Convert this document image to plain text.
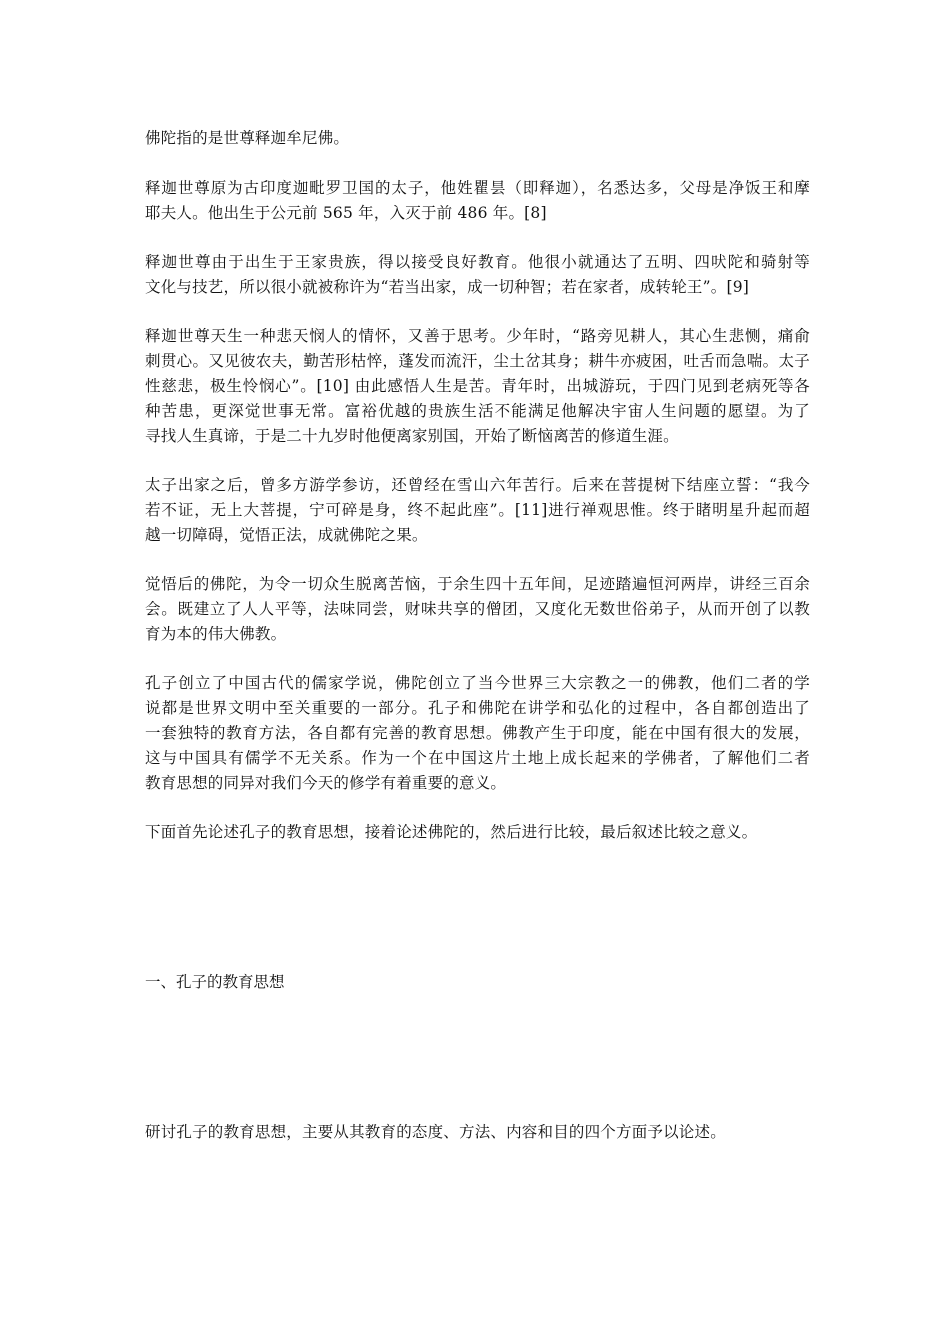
佛陀指的是世尊释迦牟尼佛。

释迦世尊原为古印度迦毗罗卫国的太子，他姓瞿昙（即释迦），名悉达多，父母是净饭王和摩
耶夫人。他出生于公元前 565 年，入灭于前 486 年。[8]

释迦世尊由于出生于王家贵族，得以接受良好教育。他很小就通达了五明、四吠陀和骑射等
文化与技艺，所以很小就被称许为“若当出家，成一切种智；若在家者，成转轮王”。[9]

释迦世尊天生一种悲天悯人的情怀，又善于思考。少年时，“路旁见耕人，其心生悲恻，痛俞
刺贯心。又见彼农夫，勤苦形枯悴，蓬发而流汗，尘土岔其身；耕牛亦疲困，吐舌而急喘。太子
性慈悲，极生怜悯心”。[10] 由此感悟人生是苦。青年时，出城游玩，于四门见到老病死等各
种苦患，更深觉世事无常。富裕优越的贵族生活不能满足他解决宇宙人生问题的愿望。为了
寻找人生真谛，于是二十九岁时他便离家别国，开始了断恼离苦的修道生涯。

太子出家之后，曾多方游学参访，还曾经在雪山六年苦行。后来在菩提树下结座立誓：“我今
若不证，无上大菩提，宁可碎是身，终不起此座”。[11]进行禅观思惟。终于睹明星升起而超
越一切障碍，觉悟正法，成就佛陀之果。

觉悟后的佛陀，为令一切众生脱离苦恼，于余生四十五年间，足迹踏遍恒河两岸，讲经三百余
会。既建立了人人平等，法味同尝，财味共享的僧团，又度化无数世俗弟子，从而开创了以教
育为本的伟大佛教。

孔子创立了中国古代的儒家学说，佛陀创立了当今世界三大宗教之一的佛教，他们二者的学
说都是世界文明中至关重要的一部分。孔子和佛陀在讲学和弘化的过程中，各自都创造出了
一套独特的教育方法，各自都有完善的教育思想。佛教产生于印度，能在中国有很大的发展，
这与中国具有儒学不无关系。作为一个在中国这片土地上成长起来的学佛者，了解他们二者
教育思想的同异对我们今天的修学有着重要的意义。

下面首先论述孔子的教育思想，接着论述佛陀的，然后进行比较，最后叙述比较之意义。

一、孔子的教育思想

研讨孔子的教育思想，主要从其教育的态度、方法、内容和目的四个方面予以论述。
